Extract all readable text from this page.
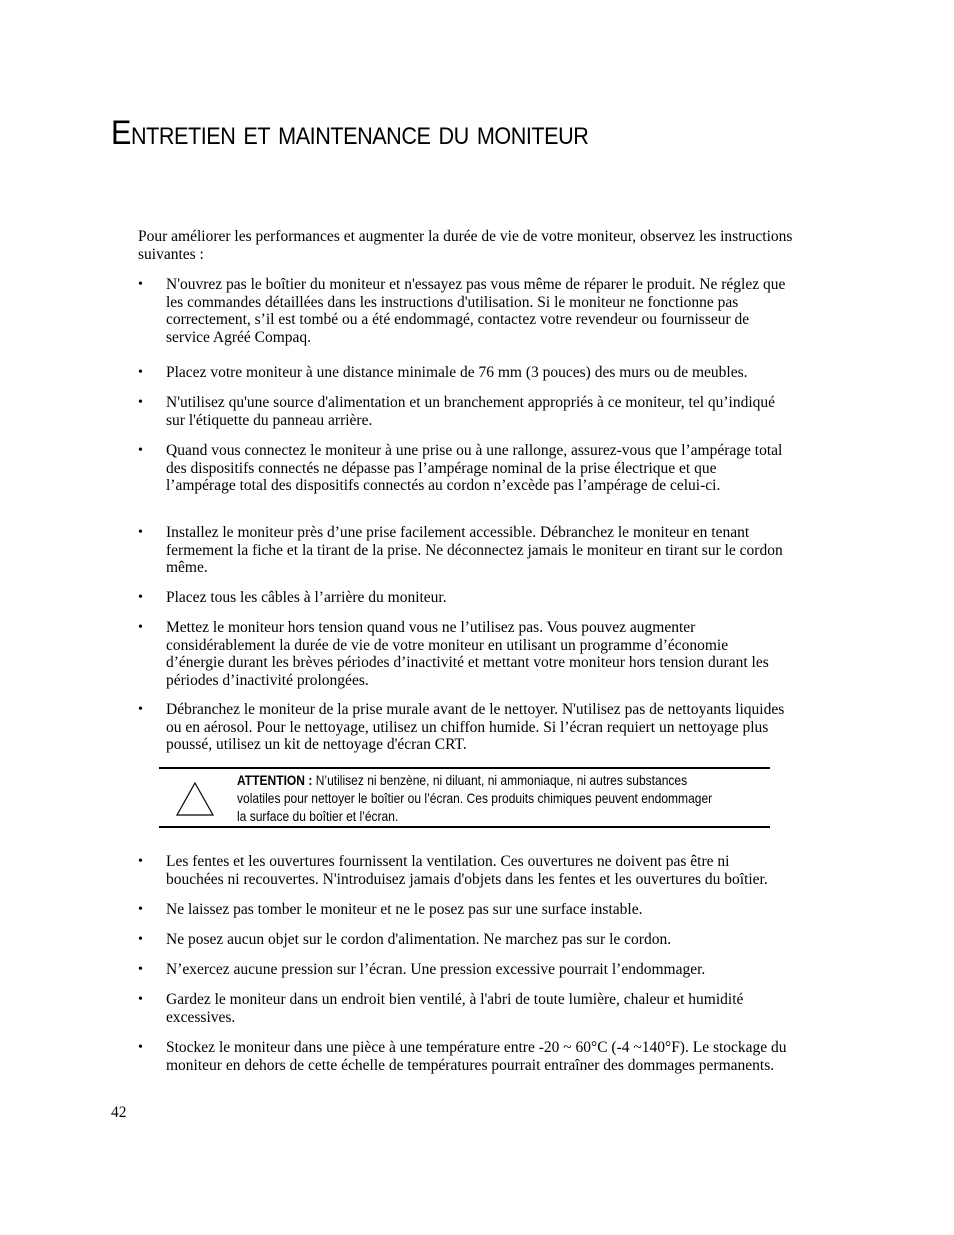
Entretien et maintenance du moniteur

Pour améliorer les performances et augmenter la durée de vie de votre moniteur, observez les instructions suivantes :

•	N'ouvrez pas le boîtier du moniteur et n'essayez pas vous même de réparer le produit. Ne réglez que les commandes détaillées dans les instructions d'utilisation. Si le moniteur ne fonctionne pas correctement, s’il est tombé ou a été endommagé, contactez votre revendeur ou fournisseur de service Agréé Compaq.
•	Placez votre moniteur à une distance minimale de 76 mm (3 pouces) des murs ou de meubles.
•	N'utilisez qu'une source d'alimentation et un branchement appropriés à ce moniteur, tel qu’indiqué sur l'étiquette du panneau arrière.
•	Quand vous connectez le moniteur à une prise ou à une rallonge, assurez-vous que l’ampérage total des dispositifs connectés ne dépasse pas l’ampérage nominal de la prise électrique et que l’ampérage total des dispositifs connectés au cordon n’excède pas l’ampérage de celui-ci.
•	Installez le moniteur près d’une prise facilement accessible. Débranchez le moniteur en tenant fermement la fiche et la tirant de la prise. Ne déconnectez jamais le moniteur en tirant sur le cordon même.
•	Placez tous les câbles à l’arrière du moniteur.
•	Mettez le moniteur hors tension quand vous ne l’utilisez pas. Vous pouvez augmenter considérablement la durée de vie de votre moniteur en utilisant un programme d’économie d’énergie durant les brèves périodes d’inactivité et mettant votre moniteur hors tension durant les périodes d’inactivité prolongées.
•	Débranchez le moniteur de la prise murale avant de le nettoyer. N'utilisez pas de nettoyants liquides ou en aérosol. Pour le nettoyage, utilisez un chiffon humide. Si l’écran requiert un nettoyage plus poussé, utilisez un kit de nettoyage d'écran CRT.
ATTENTION : N’utilisez ni benzène, ni diluant, ni ammoniaque, ni autres substances volatiles pour nettoyer le boîtier ou l’écran. Ces produits chimiques peuvent endommager la surface du boîtier et l’écran.
•	Les fentes et les ouvertures fournissent la ventilation. Ces ouvertures ne doivent pas être ni bouchées ni recouvertes. N'introduisez jamais d'objets dans les fentes et les ouvertures du boîtier.
•	Ne laissez pas tomber le moniteur et ne le posez pas sur une surface instable.
•	Ne posez aucun objet sur le cordon d'alimentation. Ne marchez pas sur le cordon.
•	N’exercez aucune pression sur l’écran. Une pression excessive pourrait l’endommager.
•	Gardez le moniteur dans un endroit bien ventilé, à l'abri de toute lumière, chaleur et humidité excessives.
•	Stockez le moniteur dans une pièce à une température entre -20 ~ 60°C (-4 ~140°F). Le stockage du moniteur en dehors de cette échelle de températures pourrait entraîner des dommages permanents.
42
